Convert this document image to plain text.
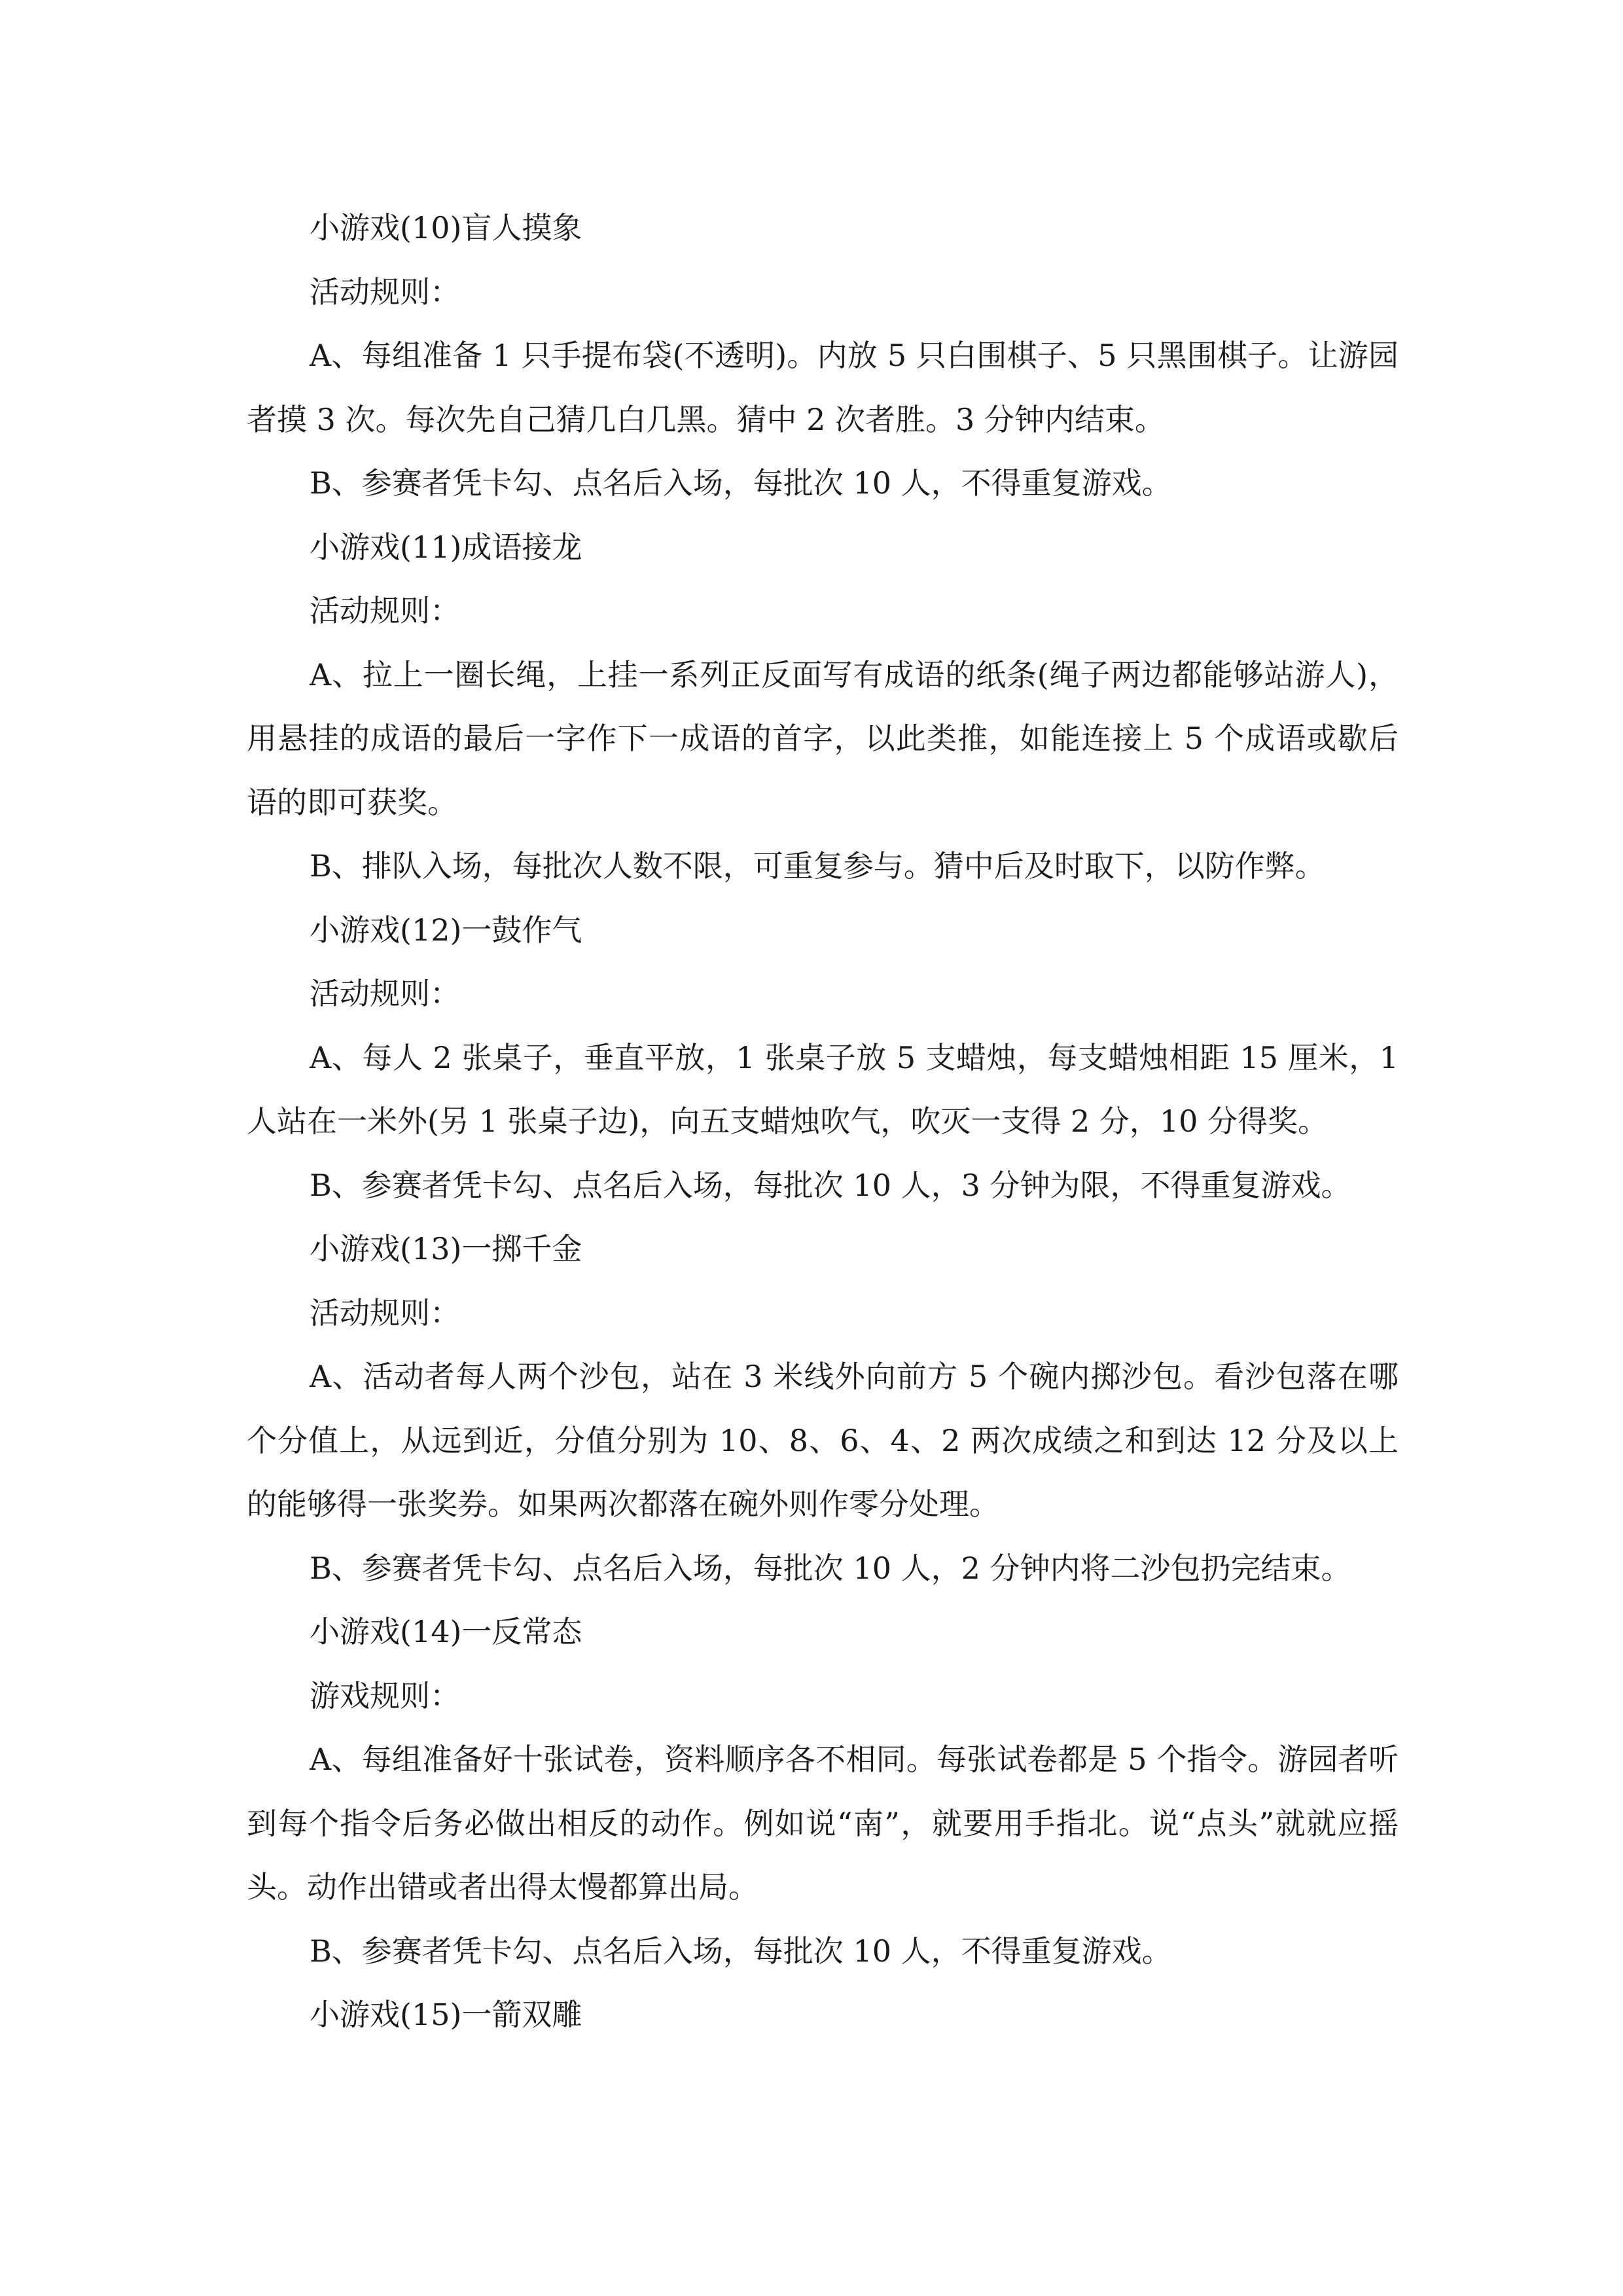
小游戏(10)盲人摸象

活动规则：

A、每组准备 1 只手提布袋(不透明)。内放 5 只白围棋子、5 只黑围棋子。让游园者摸 3 次。每次先自己猜几白几黑。猜中 2 次者胜。3 分钟内结束。

B、参赛者凭卡勾、点名后入场，每批次 10 人，不得重复游戏。

小游戏(11)成语接龙

活动规则：

A、拉上一圈长绳，上挂一系列正反面写有成语的纸条(绳子两边都能够站游人)，用悬挂的成语的最后一字作下一成语的首字，以此类推，如能连接上 5 个成语或歇后语的即可获奖。

B、排队入场，每批次人数不限，可重复参与。猜中后及时取下，以防作弊。

小游戏(12)一鼓作气

活动规则：

A、每人 2 张桌子，垂直平放，1 张桌子放 5 支蜡烛，每支蜡烛相距 15 厘米，1 人站在一米外(另 1 张桌子边)，向五支蜡烛吹气，吹灭一支得 2 分，10 分得奖。

B、参赛者凭卡勾、点名后入场，每批次 10 人，3 分钟为限，不得重复游戏。

小游戏(13)一掷千金

活动规则：

A、活动者每人两个沙包，站在 3 米线外向前方 5 个碗内掷沙包。看沙包落在哪个分值上，从远到近，分值分别为 10、8、6、4、2 两次成绩之和到达 12 分及以上的能够得一张奖券。如果两次都落在碗外则作零分处理。

B、参赛者凭卡勾、点名后入场，每批次 10 人，2 分钟内将二沙包扔完结束。

小游戏(14)一反常态

游戏规则：

A、每组准备好十张试卷，资料顺序各不相同。每张试卷都是 5 个指令。游园者听到每个指令后务必做出相反的动作。例如说“南”，就要用手指北。说“点头”就就应摇头。动作出错或者出得太慢都算出局。

B、参赛者凭卡勾、点名后入场，每批次 10 人，不得重复游戏。

小游戏(15)一箭双雕
